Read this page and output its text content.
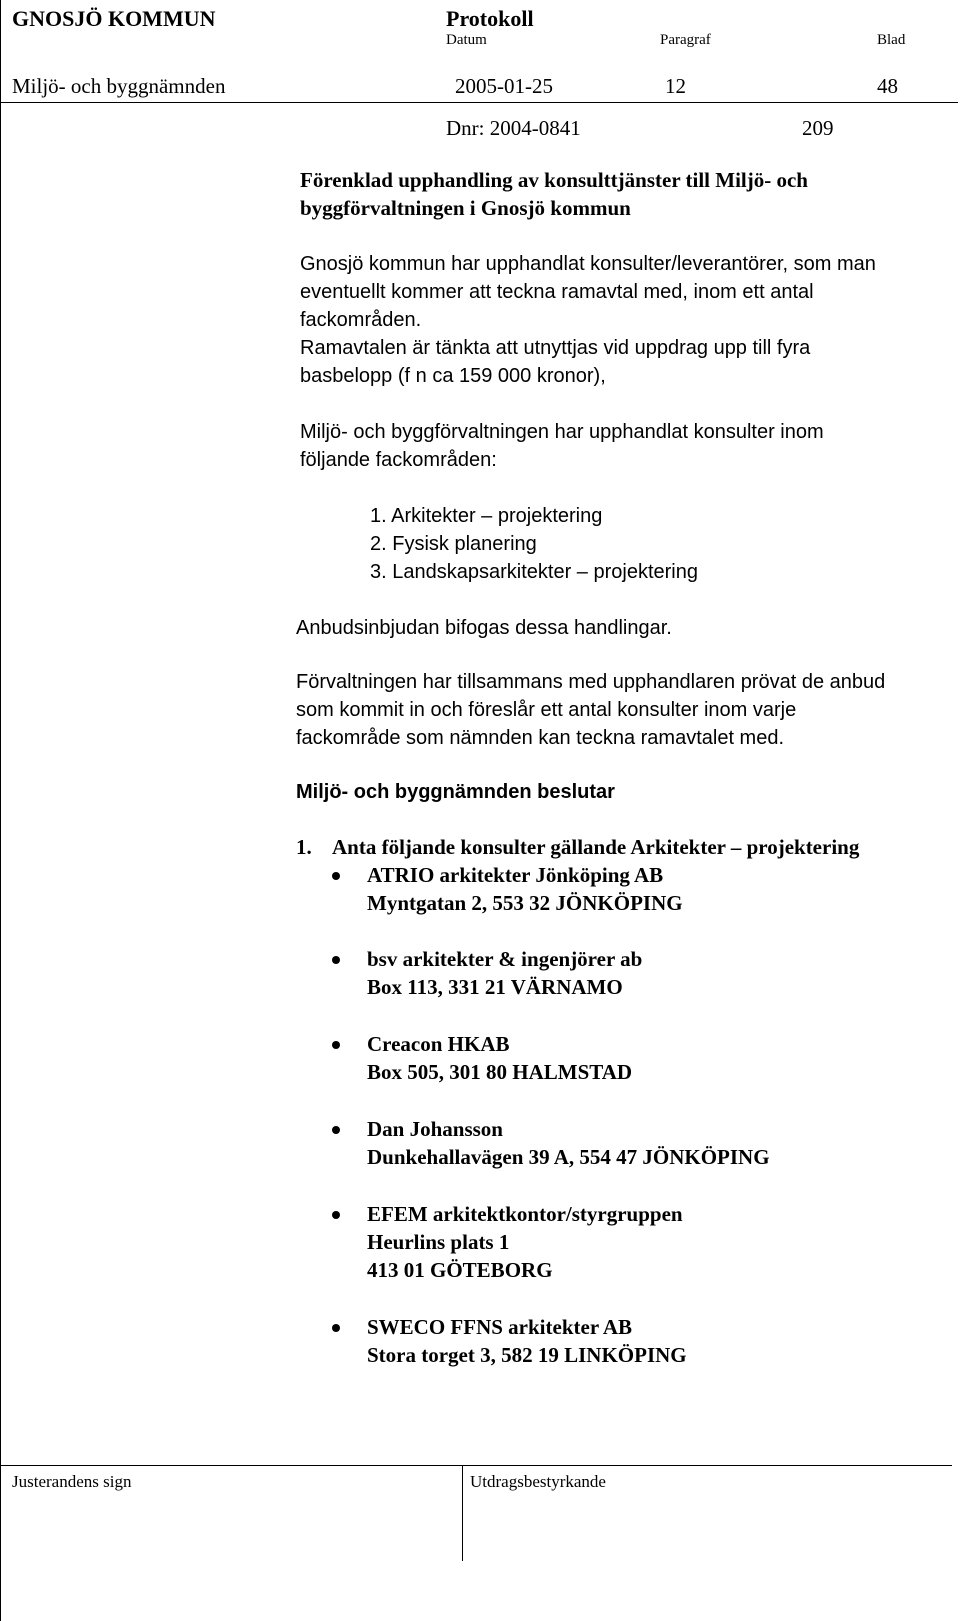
GNOSJÖ KOMMUN	Protokoll
Datum	Paragraf	Blad
Miljö- och byggnämnden	2005-01-25	12	48
Dnr: 2004-0841	209
Förenklad upphandling av konsulttjänster till Miljö- och
byggförvaltningen i Gnosjö kommun
Gnosjö kommun har upphandlat konsulter/leverantörer, som man
eventuellt kommer att teckna ramavtal med, inom ett antal
fackområden.
Ramavtalen är tänkta att utnyttjas vid uppdrag upp till fyra
basbelopp (f n ca 159 000 kronor),
Miljö- och byggförvaltningen har upphandlat konsulter inom
följande fackområden:
1. Arkitekter – projektering
2. Fysisk planering
3. Landskapsarkitekter – projektering
Anbudsinbjudan bifogas dessa handlingar.
Förvaltningen har tillsammans med upphandlaren prövat de anbud
som kommit in och föreslår ett antal konsulter inom varje
fackområde som nämnden kan teckna ramavtalet med.
Miljö- och byggnämnden beslutar
1. Anta följande konsulter gällande Arkitekter – projektering
ATRIO arkitekter Jönköping AB
Myntgatan 2, 553 32 JÖNKÖPING
bsv arkitekter & ingenjörer ab
Box 113, 331 21 VÄRNAMO
Creacon HKAB
Box 505, 301 80 HALMSTAD
Dan Johansson
Dunkehallavägen 39 A, 554 47 JÖNKÖPING
EFEM arkitektkontor/styrgruppen
Heurlins plats 1
413 01 GÖTEBORG
SWECO FFNS arkitekter AB
Stora torget 3, 582 19 LINKÖPING
Justerandens sign	Utdragsbestyrkande
